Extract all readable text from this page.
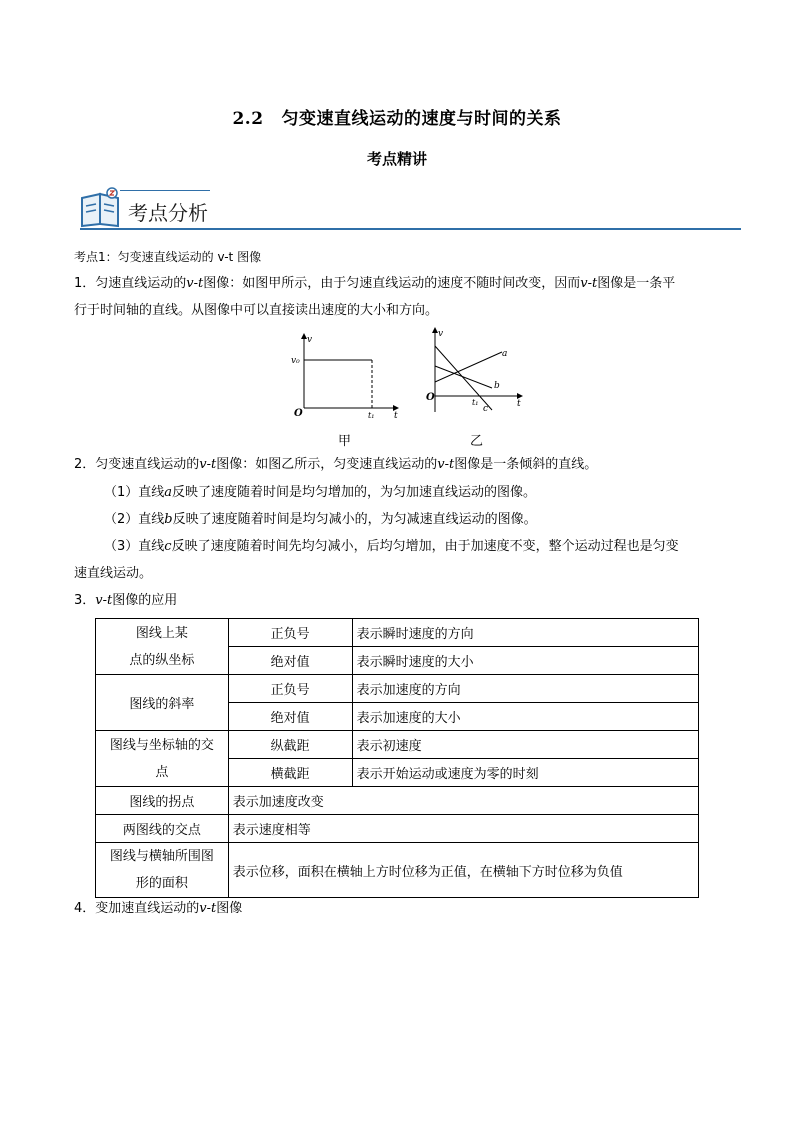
2.2 匀变速直线运动的速度与时间的关系
考点精讲
考点分析
考点1：匀变速直线运动的 v-t 图像
1．匀速直线运动的v-t图像：如图甲所示，由于匀速直线运动的速度不随时间改变，因而v-t图像是一条平
行于时间轴的直线。从图像中可以直接读出速度的大小和方向。
v
v₀
O	t₁ t
甲
v
O	t₁	t
a
b
c
乙
2．匀变速直线运动的v-t图像：如图乙所示，匀变速直线运动的v-t图像是一条倾斜的直线。
（1）直线a反映了速度随着时间是均匀增加的，为匀加速直线运动的图像。
（2）直线b反映了速度随着时间是均匀减小的，为匀减速直线运动的图像。
（3）直线c反映了速度随着时间先均匀减小，后均匀增加，由于加速度不变，整个运动过程也是匀变
速直线运动。
3．v-t图像的应用
图线上某
点的纵坐标	正负号	表示瞬时速度的方向
	绝对值	表示瞬时速度的大小
图线的斜率	正负号	表示加速度的方向
	绝对值	表示加速度的大小

图线与坐标轴的交
点	纵截距	表示初速度
	横截距	表示开始运动或速度为零的时刻
图线的拐点	表示加速度改变	
两图线的交点	表示速度相等	

图线与横轴所围图
形的面积	表示位移，面积在横轴上方时位移为正值，在横轴下方时位移为负值	
4．变加速直线运动的v-t图像
